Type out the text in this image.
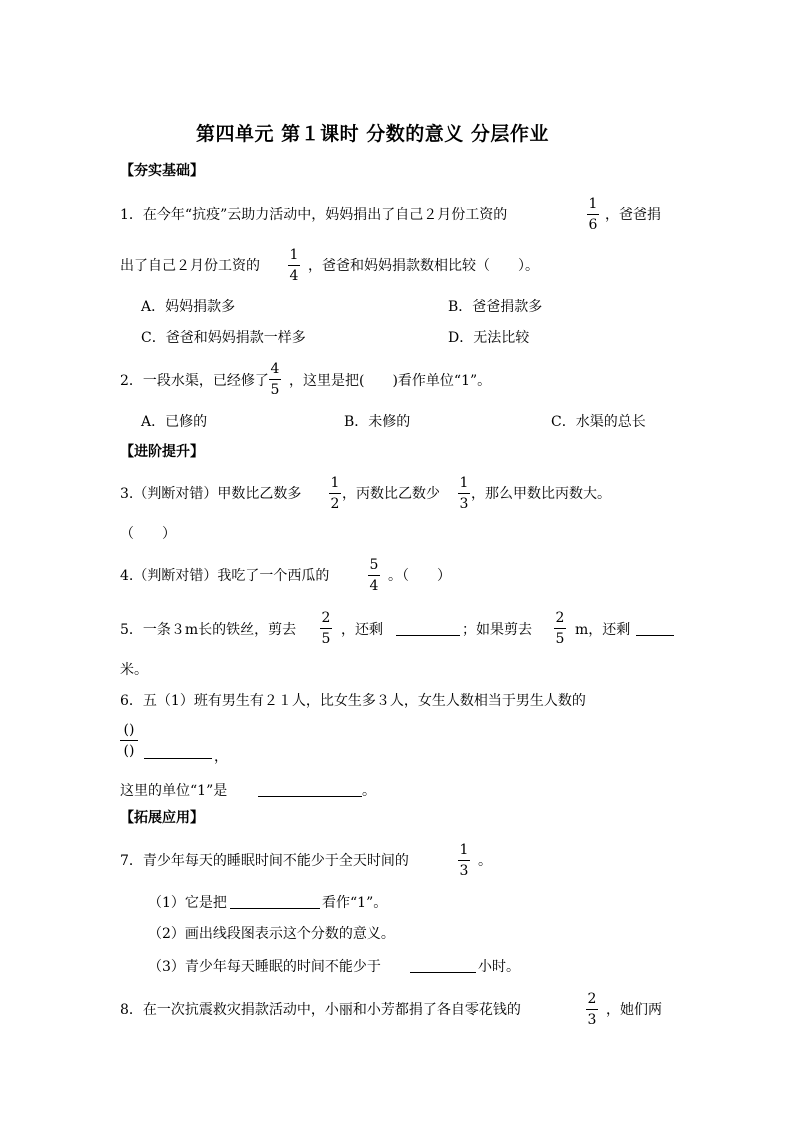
第四单元 第１课时 分数的意义 分层作业
【夯实基础】
1．在今年“抗疫”云助力活动中，妈妈捐出了自己２月份工资的
1
6
，爸爸捐
出了自己２月份工资的
1
4
，爸爸和妈妈捐款数相比较（　　）。
A．妈妈捐款多	B．爸爸捐款多
C．爸爸和妈妈捐款一样多	D．无法比较
2．一段水渠，已经修了
4
5
，这里是把(　　)看作单位“1”。
A．已修的	B．未修的	C．水渠的总长
【进阶提升】
3.（判断对错）甲数比乙数多
1
2
，丙数比乙数少
1
3
，那么甲数比丙数大。
（　　）
4.（判断对错）我吃了一个西瓜的
5
4
。（　　）
5．一条３m长的铁丝，剪去
2
5
，还剩	；如果剪去
2
5
m，还剩
米。
6．五（1）班有男生有２１人，比女生多３人，女生人数相当于男生人数的
()
()	，
这里的单位“1”是	。
【拓展应用】
7．青少年每天的睡眠时间不能少于全天时间的
1
3
。
（1）它是把	看作“1”。
（2）画出线段图表示这个分数的意义。
（3）青少年每天睡眠的时间不能少于	小时。
8．在一次抗震救灾捐款活动中，小丽和小芳都捐了各自零花钱的
2
3
，她们两
